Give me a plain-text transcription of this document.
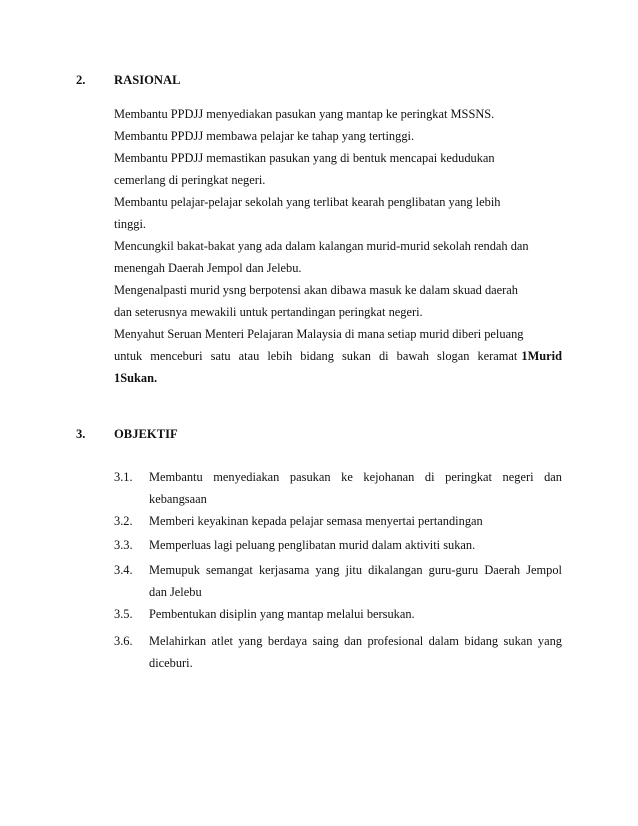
2. RASIONAL

Membantu PPDJJ menyediakan pasukan yang mantap ke peringkat MSSNS.

Membantu PPDJJ membawa pelajar ke tahap yang tertinggi.

Membantu PPDJJ memastikan pasukan yang di bentuk mencapai kedudukan

cemerlang di peringkat negeri.

Membantu pelajar-pelajar sekolah yang terlibat kearah penglibatan yang lebih

tinggi.

Mencungkil bakat-bakat yang ada dalam kalangan murid-murid sekolah rendah dan

menengah Daerah Jempol dan Jelebu.

Mengenalpasti murid ysng berpotensi akan dibawa masuk ke dalam skuad daerah

dan seterusnya mewakili untuk pertandingan peringkat negeri.

Menyahut Seruan Menteri Pelajaran Malaysia di mana setiap murid diberi peluang

untuk menceburi satu atau lebih bidang sukan di bawah slogan keramat 1Murid

1Sukan.

3. OBJEKTIF
3.1. Membantu menyediakan pasukan ke kejohanan di peringkat negeri dan
kebangsaan
3.2. Memberi keyakinan kepada pelajar semasa menyertai pertandingan
3.3. Memperluas lagi peluang penglibatan murid dalam aktiviti sukan.
3.4. Memupuk semangat kerjasama yang jitu dikalangan guru-guru Daerah Jempol
dan Jelebu
3.5. Pembentukan disiplin yang mantap melalui bersukan.
3.6. Melahirkan atlet yang berdaya saing dan profesional dalam bidang sukan yang
diceburi.
